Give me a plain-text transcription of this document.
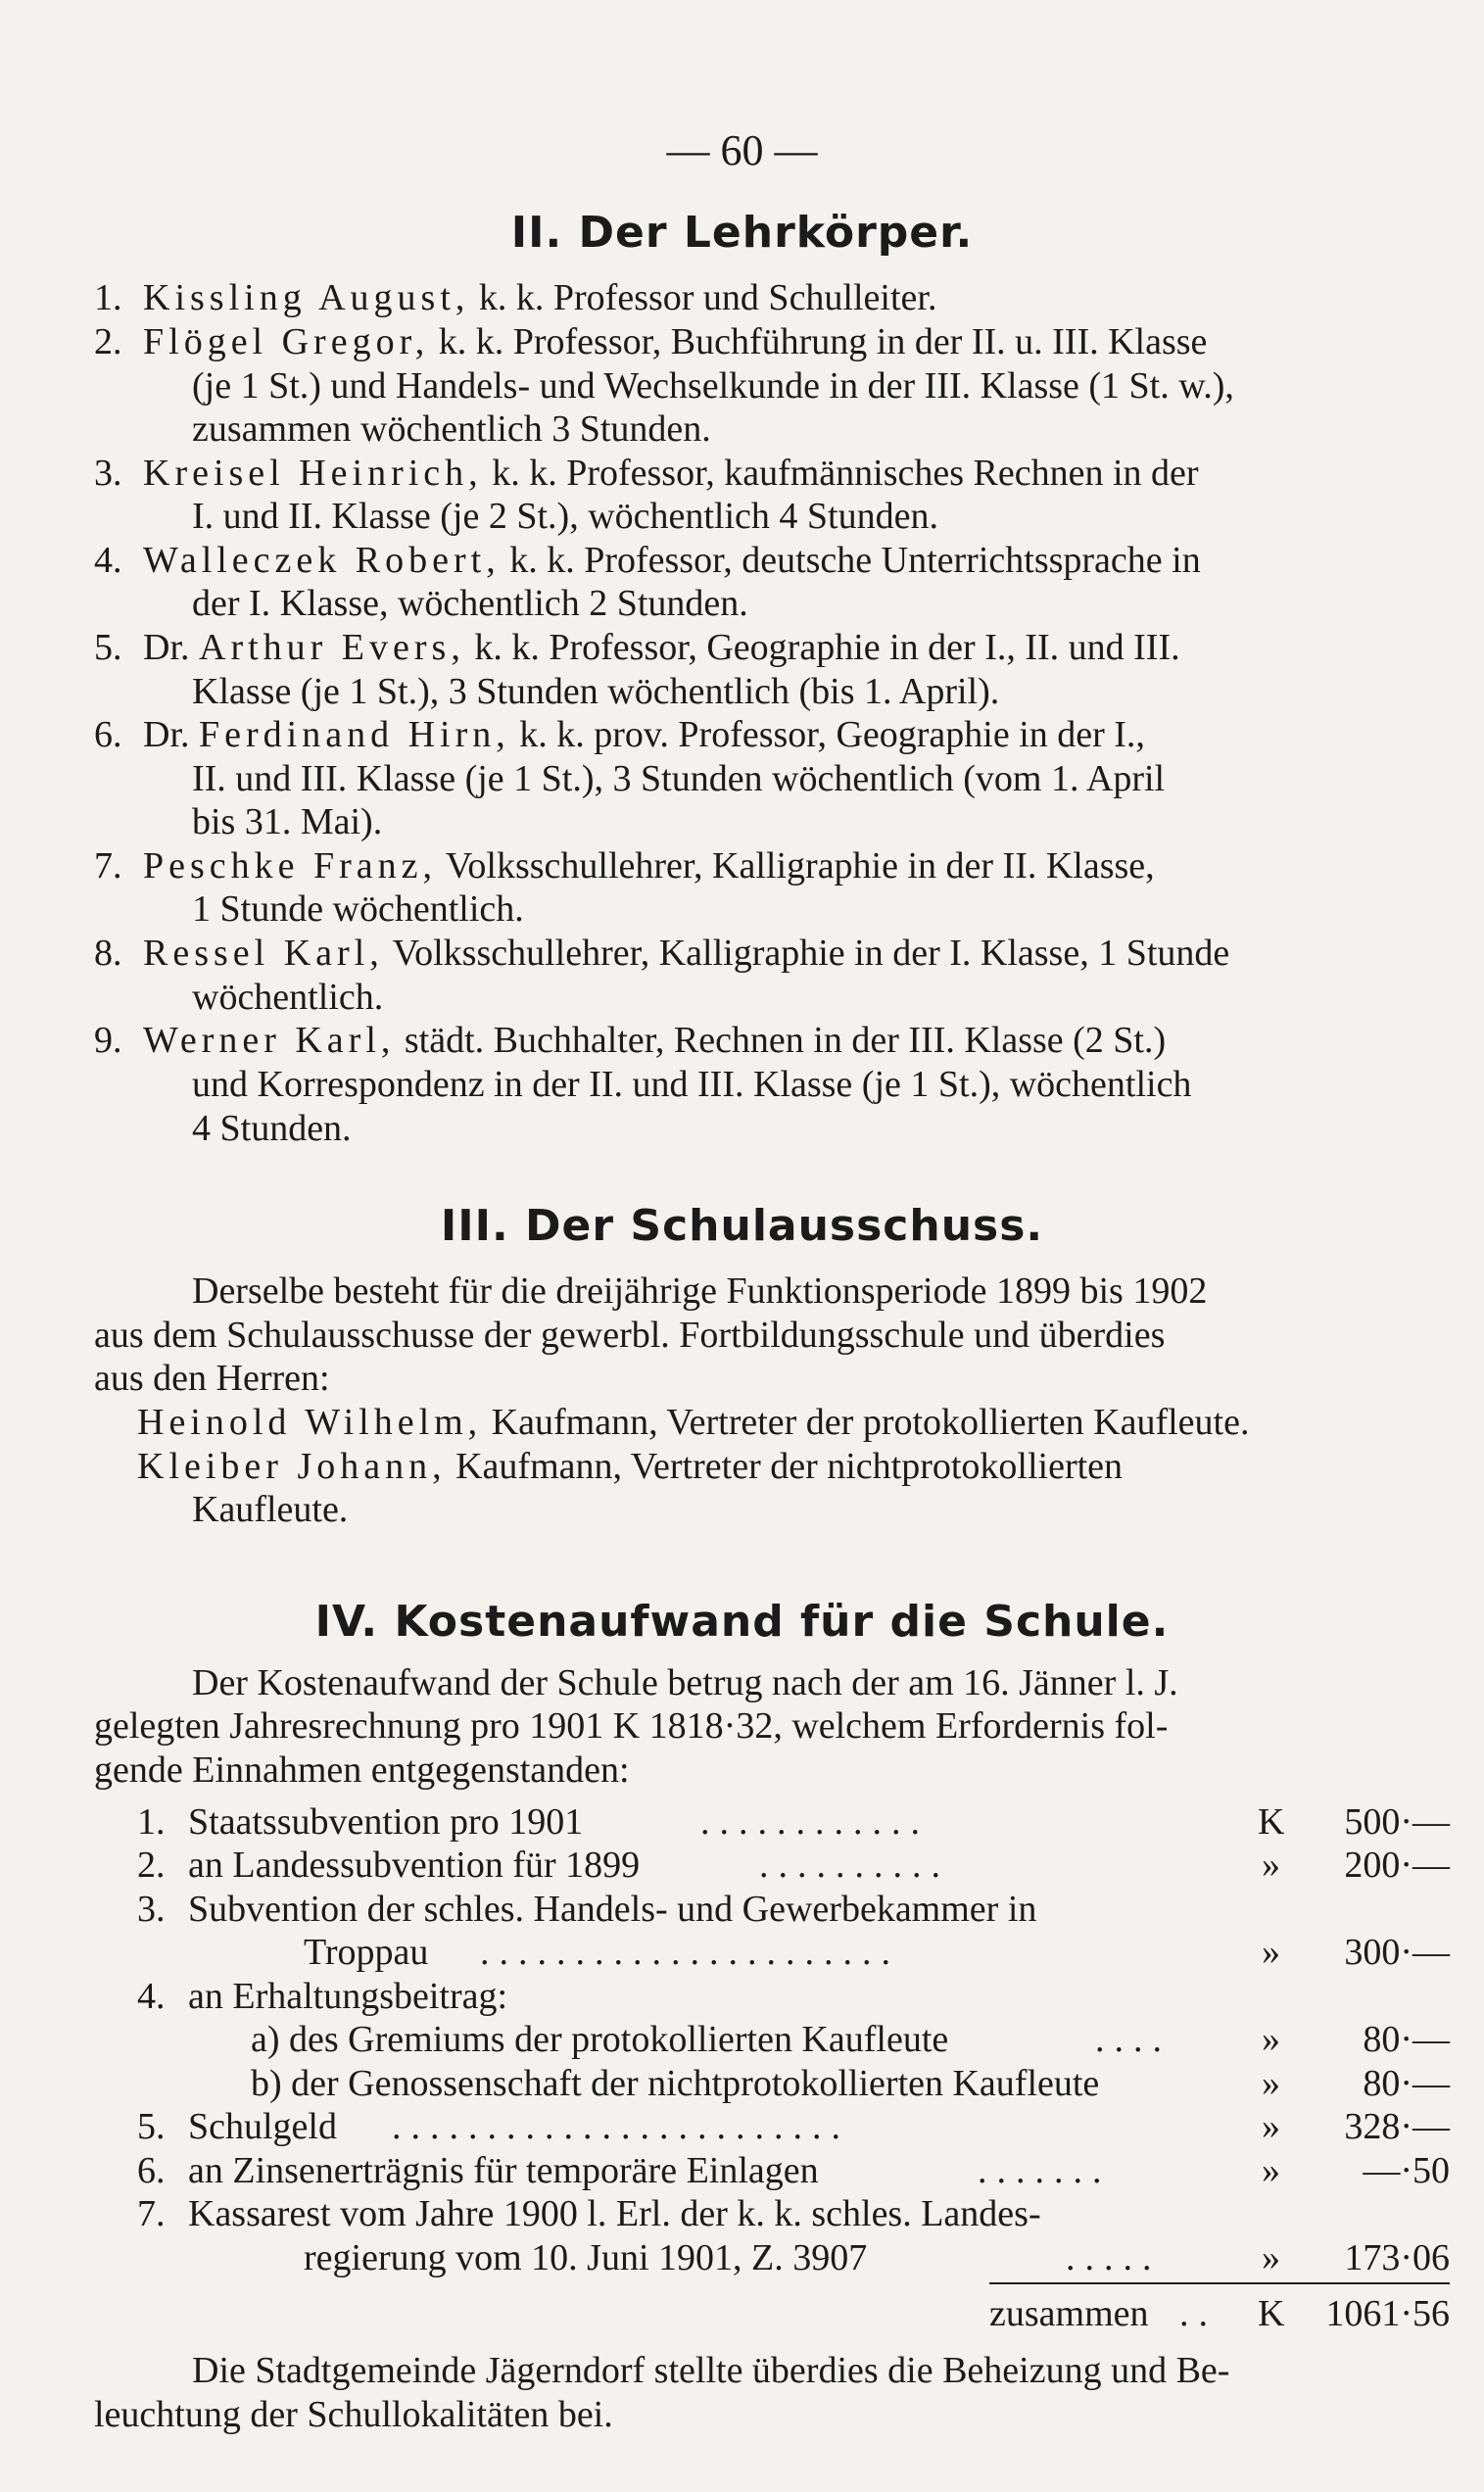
— 60 —
II. Der Lehrkörper.
1. Kissling August, k. k. Professor und Schulleiter.
2. Flögel Gregor, k. k. Professor, Buchführung in der II. u. III. Klasse
(je 1 St.) und Handels- und Wechselkunde in der III. Klasse (1 St. w.),
zusammen wöchentlich 3 Stunden.
3. Kreisel Heinrich, k. k. Professor, kaufmännisches Rechnen in der
I. und II. Klasse (je 2 St.), wöchentlich 4 Stunden.
4. Walleczek Robert, k. k. Professor, deutsche Unterrichtssprache in
der I. Klasse, wöchentlich 2 Stunden.
5. Dr. Arthur Evers, k. k. Professor, Geographie in der I., II. und III.
Klasse (je 1 St.), 3 Stunden wöchentlich (bis 1. April).
6. Dr. Ferdinand Hirn, k. k. prov. Professor, Geographie in der I.,
II. und III. Klasse (je 1 St.), 3 Stunden wöchentlich (vom 1. April
bis 31. Mai).
7. Peschke Franz, Volksschullehrer, Kalligraphie in der II. Klasse,
1 Stunde wöchentlich.
8. Ressel Karl, Volksschullehrer, Kalligraphie in der I. Klasse, 1 Stunde
wöchentlich.
9. Werner Karl, städt. Buchhalter, Rechnen in der III. Klasse (2 St.)
und Korrespondenz in der II. und III. Klasse (je 1 St.), wöchentlich
4 Stunden.
III. Der Schulausschuss.
Derselbe besteht für die dreijährige Funktionsperiode 1899 bis 1902
aus dem Schulausschusse der gewerbl. Fortbildungsschule und überdies
aus den Herren:
Heinold Wilhelm, Kaufmann, Vertreter der protokollierten Kaufleute.
Kleiber Johann, Kaufmann, Vertreter der nichtprotokollierten
Kaufleute.
IV. Kostenaufwand für die Schule.
Der Kostenaufwand der Schule betrug nach der am 16. Jänner l. J.
gelegten Jahresrechnung pro 1901 K 1818·32, welchem Erfordernis fol-
gende Einnahmen entgegenstanden:
1. Staatssubvention pro 1901	............	K	500·—
2. an Landessubvention für 1899	..........	»	200·—
3. Subvention der schles. Handels- und Gewerbekammer in
Troppau ......................	»	300·—
4. an Erhaltungsbeitrag:
a) des Gremiums der protokollierten Kaufleute	.... »	80·—
b) der Genossenschaft der nichtprotokollierten Kaufleute	»	80·—
5. Schulgeld ........................	»	328·—
6. an Zinsenerträgnis für temporäre Einlagen	.......	»	—·50
7. Kassarest vom Jahre 1900 l. Erl. der k. k. schles. Landes-
regierung vom 10. Juni 1901, Z. 3907	.....	»	173·06
zusammen .. K	1061·56
Die Stadtgemeinde Jägerndorf stellte überdies die Beheizung und Be-
leuchtung der Schullokalitäten bei.
